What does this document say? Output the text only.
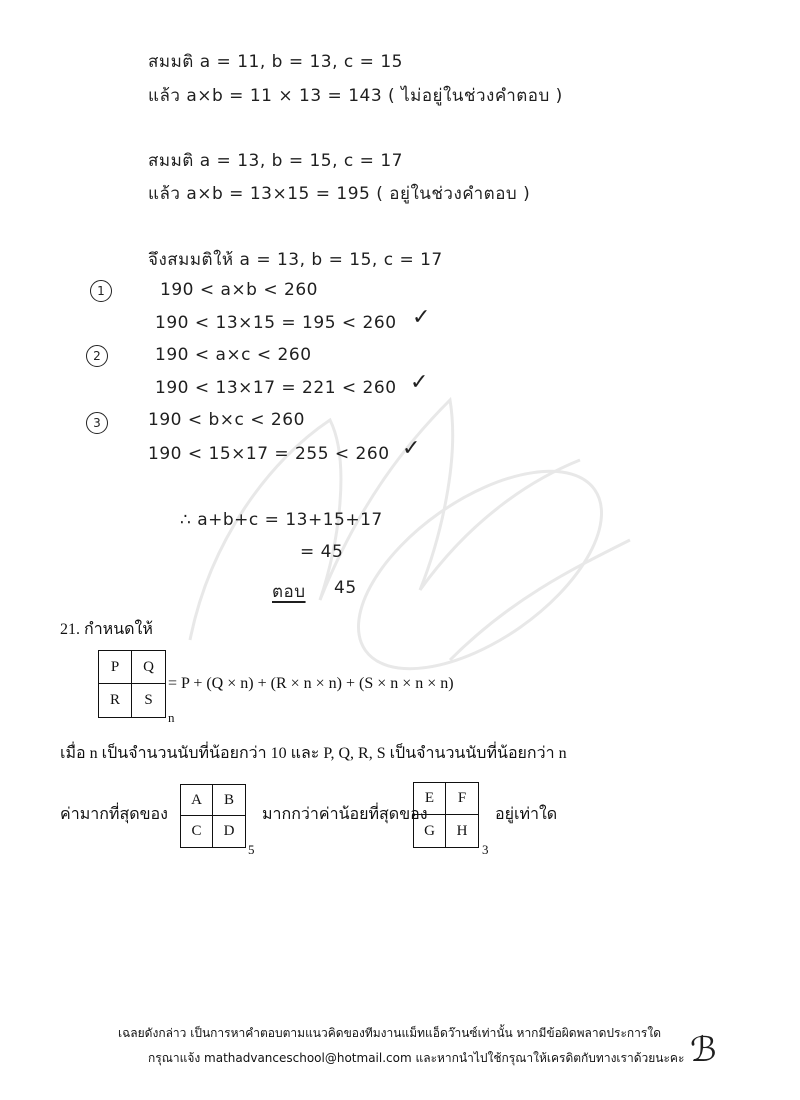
สมมติ a = 11, b = 13, c = 15
แล้ว a×b = 11 × 13 = 143 ( ไม่อยู่ในช่วงคำตอบ )
สมมติ a = 13, b = 15, c = 17
แล้ว a×b = 13×15 = 195 ( อยู่ในช่วงคำตอบ )
จึงสมมติให้ a = 13, b = 15, c = 17
1	190 < a×b < 260
190 < 13×15 = 195 < 260 ✓
2	190 < a×c < 260
190 < 13×17 = 221 < 260 ✓
3	190 < b×c < 260
190 < 15×17 = 255 < 260 ✓
∴ a+b+c = 13+15+17
= 45
ตอบ 45
21. กำหนดให้
P	Q
R	S
n
= P + (Q × n) + (R × n × n) + (S × n × n × n)
เมื่อ n เป็นจำนวนนับที่น้อยกว่า 10 และ P, Q, R, S เป็นจำนวนนับที่น้อยกว่า n
ค่ามากที่สุดของ
A	B
C	D
5
มากกว่าค่าน้อยที่สุดของ
E	F
G	H
3
อยู่เท่าใด
เฉลยดังกล่าว เป็นการหาคำตอบตามแนวคิดของทีมงานแม็ทแอ็ดว๊านซ์เท่านั้น หากมีข้อผิดพลาดประการใด
กรุณาแจ้ง mathadvanceschool@hotmail.com และหากนำไปใช้กรุณาให้เครดิตกับทางเราด้วยนะคะ ℬ
